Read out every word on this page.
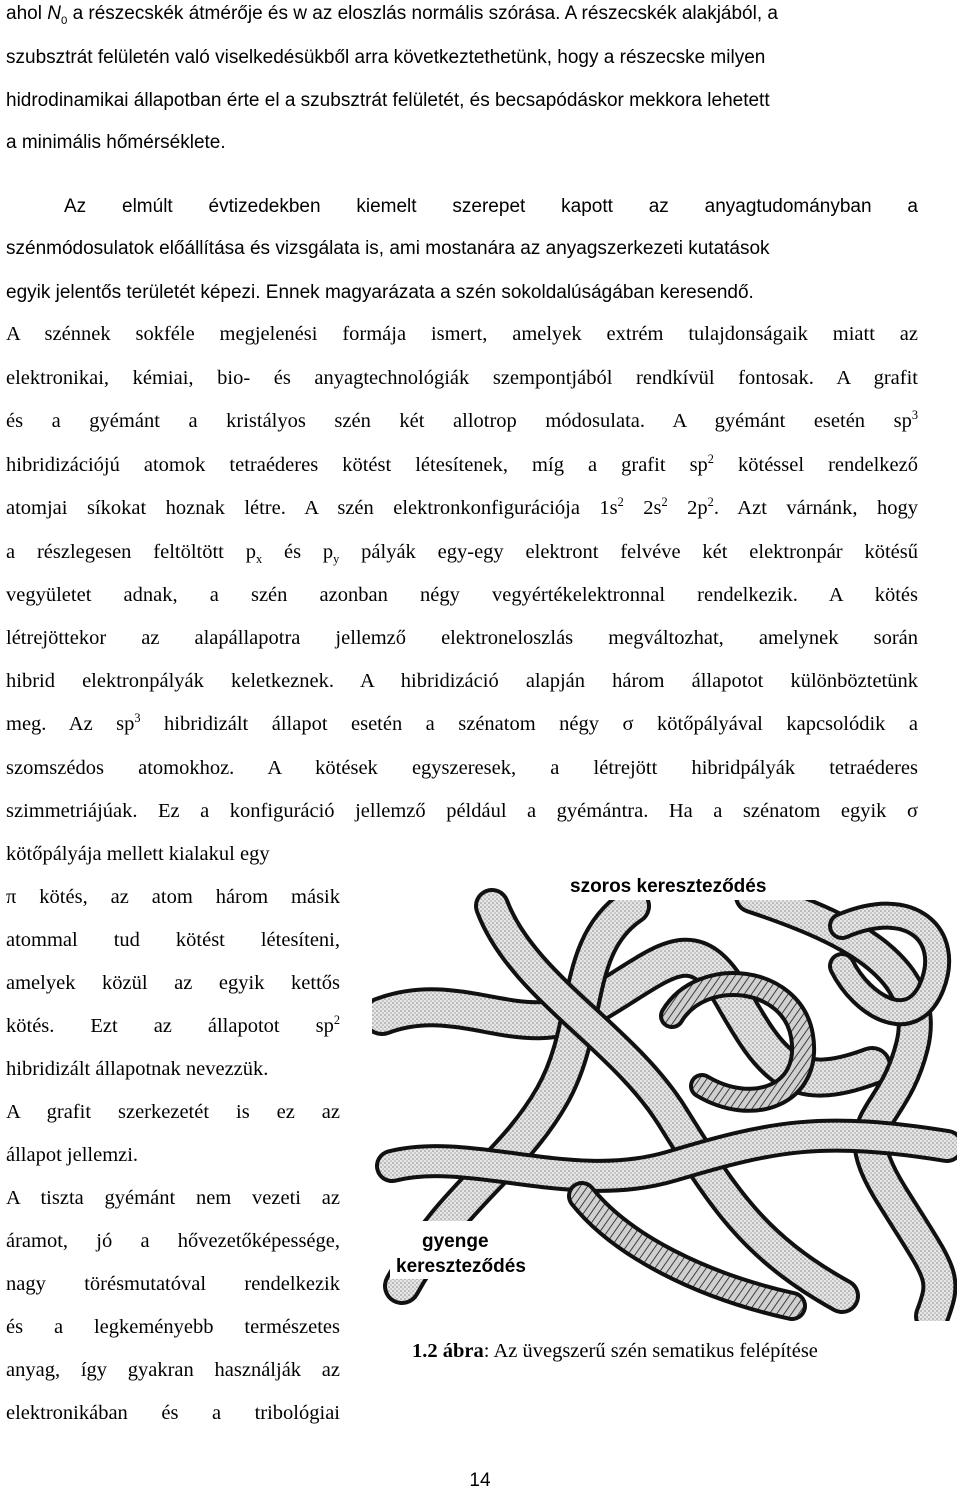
ahol $N_0$ a részecskék átmérője és w az eloszlás normális szórása. A részecskék alakjából, a
szubsztrát felületén való viselkedésükből arra következtethetünk, hogy a részecske milyen
hidrodinamikai állapotban érte el a szubsztrát felületét, és becsapódáskor mekkora lehetett
a minimális hőmérséklete.
Az elmúlt évtizedekben kiemelt szerepet kapott az anyagtudományban a
szénmódosulatok előállítása és vizsgálata is, ami mostanára az anyagszerkezeti kutatások
egyik jelentős területét képezi. Ennek magyarázata a szén sokoldalúságában keresendő.
A szénnek sokféle megjelenési formája ismert, amelyek extrém tulajdonságaik miatt az
elektronikai, kémiai, bio- és anyagtechnológiák szempontjából rendkívül fontosak. A grafit
és a gyémánt a kristályos szén két allotrop módosulata. A gyémánt esetén $sp^3$
hibridizációjú atomok tetraéderes kötést létesítenek, míg a grafit $sp^2$ kötéssel rendelkező
atomjai síkokat hoznak létre. A szén elektronkonfigurációja $1s^2$ $2s^2$ $2p^2$. Azt várnánk, hogy
a részlegesen feltöltött $p_x$ és $p_y$ pályák egy-egy elektront felvéve két elektronpár kötésű
vegyületet adnak, a szén azonban négy vegyértékelektronnal rendelkezik. A kötés
létrejöttekor az alapállapotra jellemző elektroneloszlás megváltozhat, amelynek során
hibrid elektronpályák keletkeznek. A hibridizáció alapján három állapotot különböztetünk
meg. Az $sp^3$ hibridizált állapot esetén a szénatom négy σ kötőpályával kapcsolódik a
szomszédos atomokhoz. A kötések egyszeresek, a létrejött hibridpályák tetraéderes
szimmetriájúak. Ez a konfiguráció jellemző például a gyémántra. Ha a szénatom egyik σ
kötőpályája mellett kialakul egy
π kötés, az atom három másik
atommal tud kötést létesíteni,
amelyek közül az egyik kettős
kötés. Ezt az állapotot $sp^2$
hibridizált állapotnak nevezzük.
A grafit szerkezetét is ez az
állapot jellemzi.
A tiszta gyémánt nem vezeti az
áramot, jó a hővezetőképessége,
nagy törésmutatóval rendelkezik
és a legkeményebb természetes
anyag, így gyakran használják az
elektronikában és a tribológiai
szoros kereszteződés
gyenge
kereszteződés
1.2 ábra: Az üvegszerű szén sematikus felépítése
14
